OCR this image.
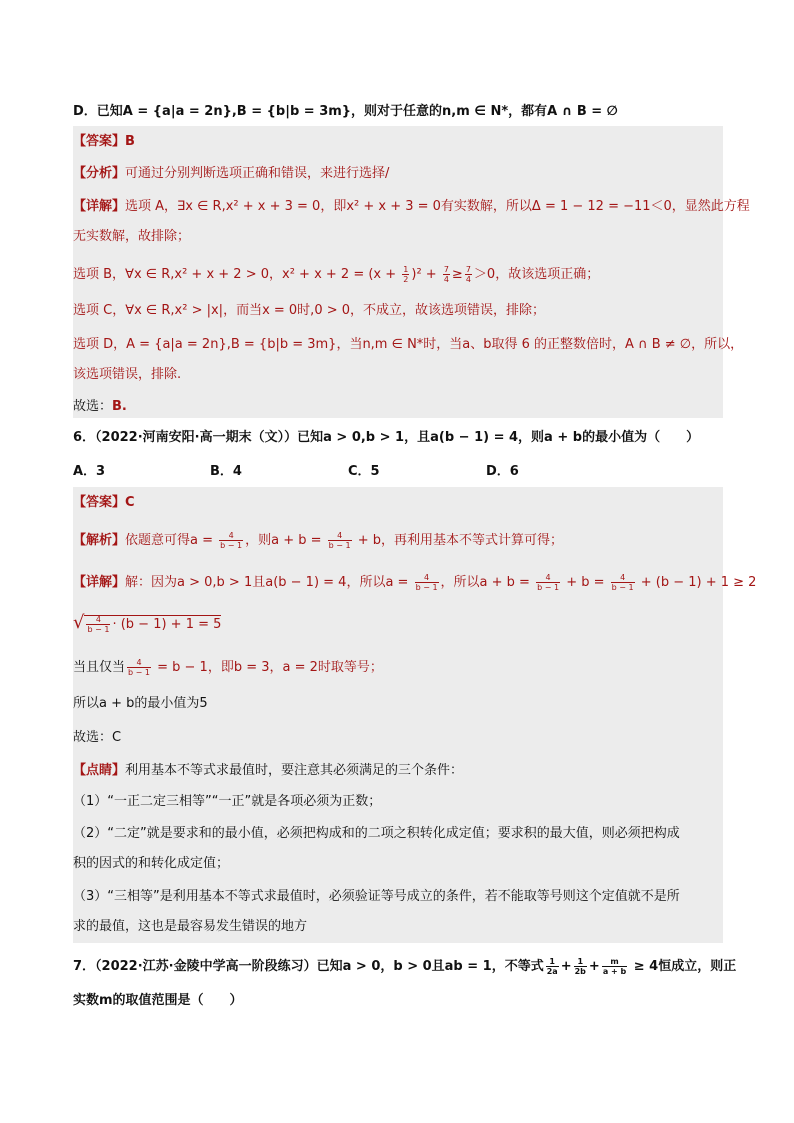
D．已知A = {a|a = 2n},B = {b|b = 3m}，则对于任意的n,m ∈ N*，都有A ∩ B = ∅
【答案】B
【分析】可通过分别判断选项正确和错误，来进行选择/
【详解】选项 A，∃x ∈ R,x² + x + 3 = 0，即x² + x + 3 = 0有实数解，所以Δ = 1 − 12 = −11＜0，显然此方程
无实数解，故排除；
选项 B，∀x ∈ R,x² + x + 2 > 0，$x^2 + x + 2 = (x + \frac{1}{2} )^2 + \frac{7}{4} \ge \frac{7}{4} >0$，故该选项正确；
选项 C，∀x ∈ R,x² > |x|，而当x = 0时,0 > 0，不成立，故该选项错误，排除；
选项 D，A = {a|a = 2n},B = {b|b = 3m}，当n,m ∈ N*时，当a、b取得 6 的正整数倍时，A ∩ B ≠ ∅，所以，
该选项错误，排除.
故选：B.
6．（2022·河南安阳·高一期末（文））已知a > 0,b > 1，且a(b − 1) = 4，则a + b的最小值为（　　）
A．3	B．4	C．5	D．6
【答案】C
【解析】依题意可得$a = \frac{4}{b - 1}$ ，则$a + b = \frac{4}{b - 1} + b$，再利用基本不等式计算可得；
【详解】解：因为a > 0,b > 1且a(b − 1) = 4，所以$a = \frac{4}{b - 1}$ ，所以$a + b = \frac{4}{b - 1} + b = \frac{4}{b - 1} + (b - 1) + 1 \ge 2$
√ $\frac{4}{b - 1} \cdot (b - 1) + 1 = 5$
当且仅当 $\frac{4}{b - 1} = b - 1$，即b = 3，a = 2时取等号；
所以a + b的最小值为5
故选：C
【点睛】利用基本不等式求最值时，要注意其必须满足的三个条件：
（1）“一正二定三相等”“一正”就是各项必须为正数；
（2）“二定”就是要求和的最小值，必须把构成和的二项之积转化成定值；要求积的最大值，则必须把构成
积的因式的和转化成定值；
（3）“三相等”是利用基本不等式求最值时，必须验证等号成立的条件，若不能取等号则这个定值就不是所
求的最值，这也是最容易发生错误的地方
7．（2022·江苏·金陵中学高一阶段练习）已知a > 0，b > 0且ab = 1，不等式 $\frac{1}{2a} + \frac{1}{2b} + \frac{m}{a + b} \ge 4$恒成立，则正
实数m的取值范围是（　　）
